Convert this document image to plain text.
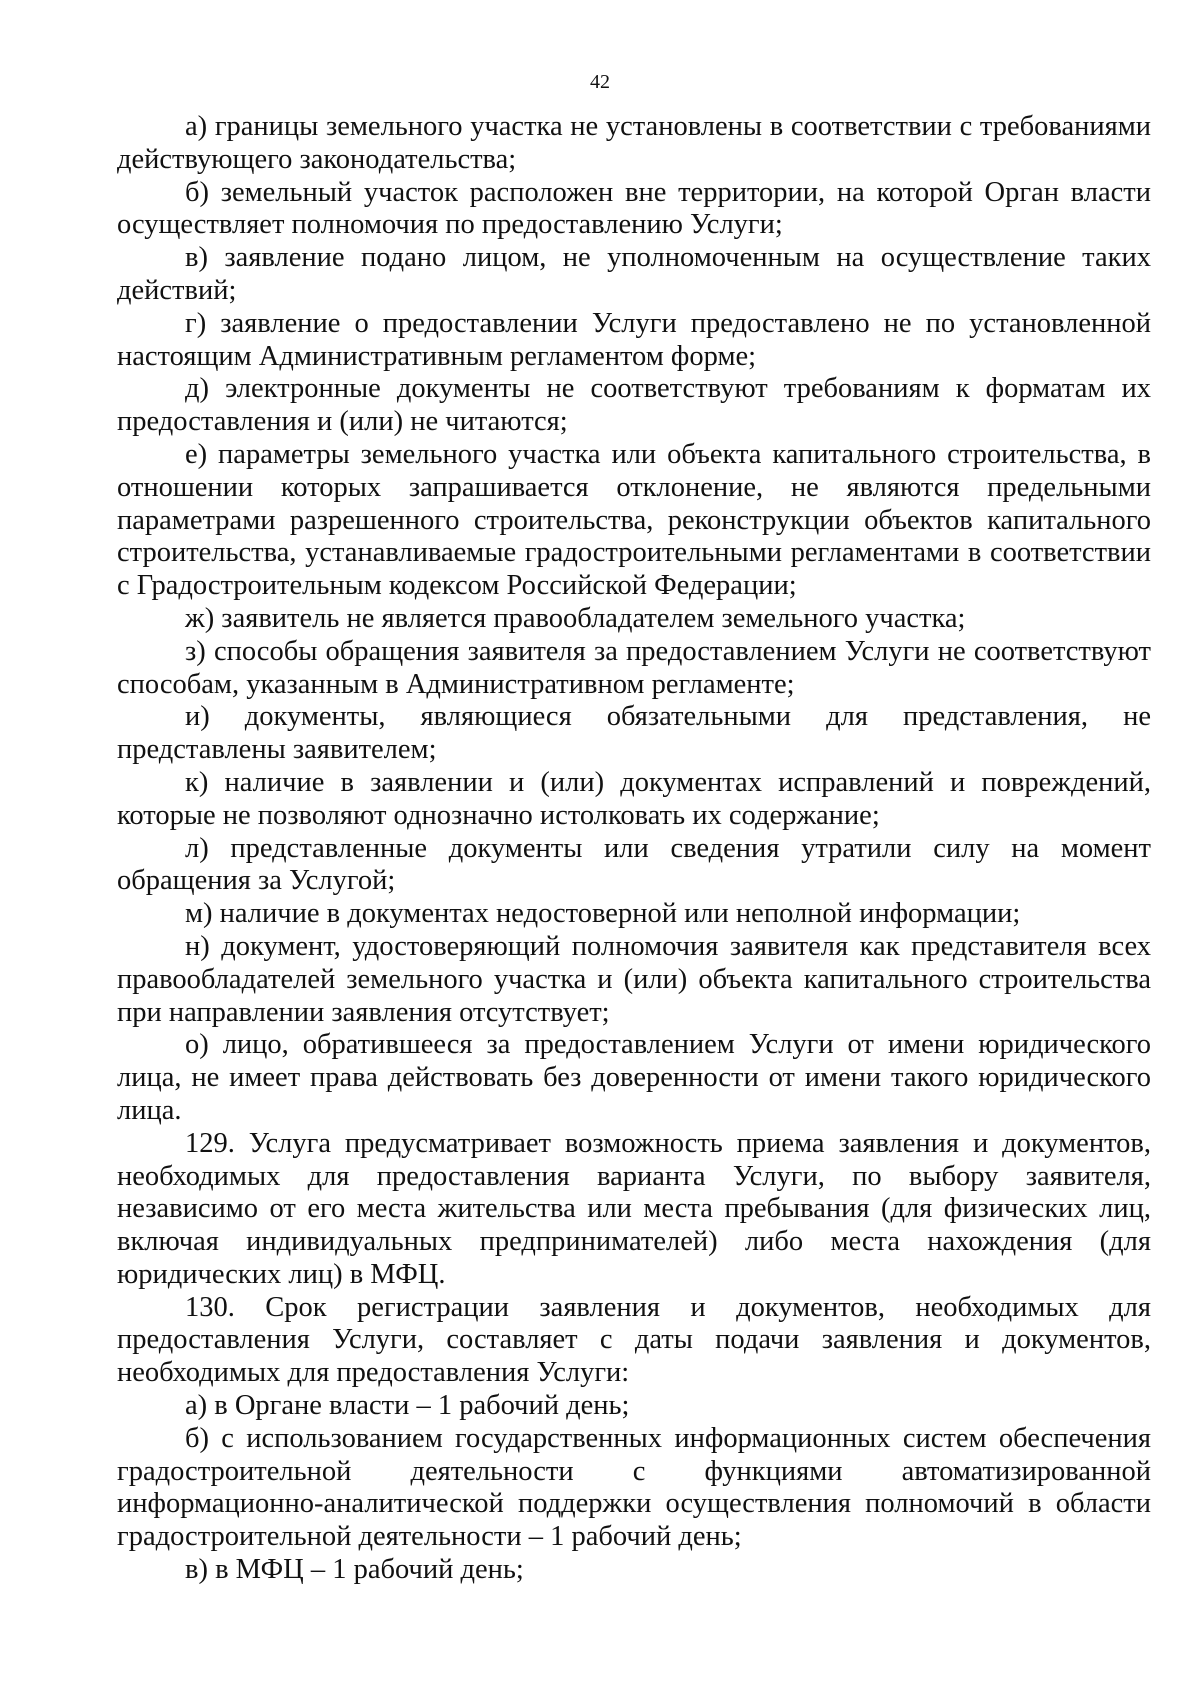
42

а) границы земельного участка не установлены в соответствии с требованиями действующего законодательства;

б) земельный участок расположен вне территории, на которой Орган власти осуществляет полномочия по предоставлению Услуги;

в) заявление подано лицом, не уполномоченным на осуществление таких действий;

г) заявление о предоставлении Услуги предоставлено не по установленной настоящим Административным регламентом форме;

д) электронные документы не соответствуют требованиям к форматам их предоставления и (или) не читаются;

е) параметры земельного участка или объекта капитального строительства, в отношении которых запрашивается отклонение, не являются предельными параметрами разрешенного строительства, реконструкции объектов капитального строительства, устанавливаемые градостроительными регламентами в соответствии с Градостроительным кодексом Российской Федерации;

ж) заявитель не является правообладателем земельного участка;

з) способы обращения заявителя за предоставлением Услуги не соответствуют способам, указанным в Административном регламенте;

и) документы, являющиеся обязательными для представления, не представлены заявителем;

к) наличие в заявлении и (или) документах исправлений и повреждений, которые не позволяют однозначно истолковать их содержание;

л) представленные документы или сведения утратили силу на момент обращения за Услугой;

м) наличие в документах недостоверной или неполной информации;

н) документ, удостоверяющий полномочия заявителя как представителя всех правообладателей земельного участка и (или) объекта капитального строительства при направлении заявления отсутствует;

о) лицо, обратившееся за предоставлением Услуги от имени юридического лица, не имеет права действовать без доверенности от имени такого юридического лица.

129. Услуга предусматривает возможность приема заявления и документов, необходимых для предоставления варианта Услуги, по выбору заявителя, независимо от его места жительства или места пребывания (для физических лиц, включая индивидуальных предпринимателей) либо места нахождения (для юридических лиц) в МФЦ.

130. Срок регистрации заявления и документов, необходимых для предоставления Услуги, составляет с даты подачи заявления и документов, необходимых для предоставления Услуги:

а) в Органе власти – 1 рабочий день;

б) с использованием государственных информационных систем обеспечения градостроительной деятельности с функциями автоматизированной информационно-аналитической поддержки осуществления полномочий в области градостроительной деятельности – 1 рабочий день;

в) в МФЦ – 1 рабочий день;
